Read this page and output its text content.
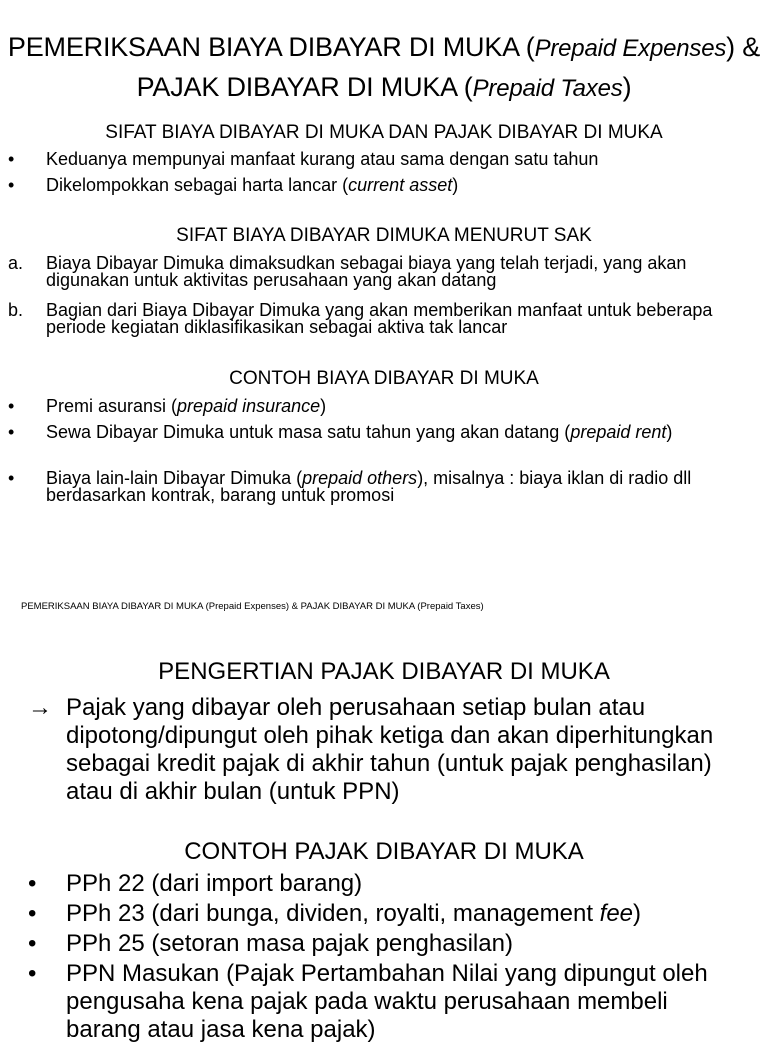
PEMERIKSAAN BIAYA DIBAYAR DI MUKA (Prepaid Expenses) & PAJAK DIBAYAR DI MUKA (Prepaid Taxes)
SIFAT BIAYA DIBAYAR DI MUKA DAN PAJAK DIBAYAR DI MUKA
• Keduanya mempunyai manfaat kurang atau sama dengan satu tahun
• Dikelompokkan sebagai harta lancar (current asset)
SIFAT BIAYA DIBAYAR DIMUKA MENURUT SAK
a. Biaya Dibayar Dimuka dimaksudkan sebagai biaya yang telah terjadi, yang akan digunakan untuk aktivitas perusahaan yang akan datang
b. Bagian dari Biaya Dibayar Dimuka yang akan memberikan manfaat untuk beberapa periode kegiatan diklasifikasikan sebagai aktiva tak lancar
CONTOH BIAYA DIBAYAR DI MUKA
• Premi asuransi (prepaid insurance)
• Sewa Dibayar Dimuka untuk masa satu tahun yang akan datang (prepaid rent)
• Biaya lain-lain Dibayar Dimuka (prepaid others), misalnya : biaya iklan di radio dll berdasarkan kontrak, barang untuk promosi
PEMERIKSAAN BIAYA DIBAYAR DI MUKA (Prepaid Expenses) & PAJAK DIBAYAR DI MUKA (Prepaid Taxes)
PENGERTIAN PAJAK DIBAYAR DI MUKA
→ Pajak yang dibayar oleh perusahaan setiap bulan atau dipotong/dipungut oleh pihak ketiga dan akan diperhitungkan sebagai kredit pajak di akhir tahun (untuk pajak penghasilan) atau di akhir bulan (untuk PPN)
CONTOH PAJAK DIBAYAR DI MUKA
• PPh 22 (dari import barang)
• PPh 23 (dari bunga, dividen, royalti, management fee)
• PPh 25 (setoran masa pajak penghasilan)
• PPN Masukan (Pajak Pertambahan Nilai yang dipungut oleh pengusaha kena pajak pada waktu perusahaan membeli barang atau jasa kena pajak)
